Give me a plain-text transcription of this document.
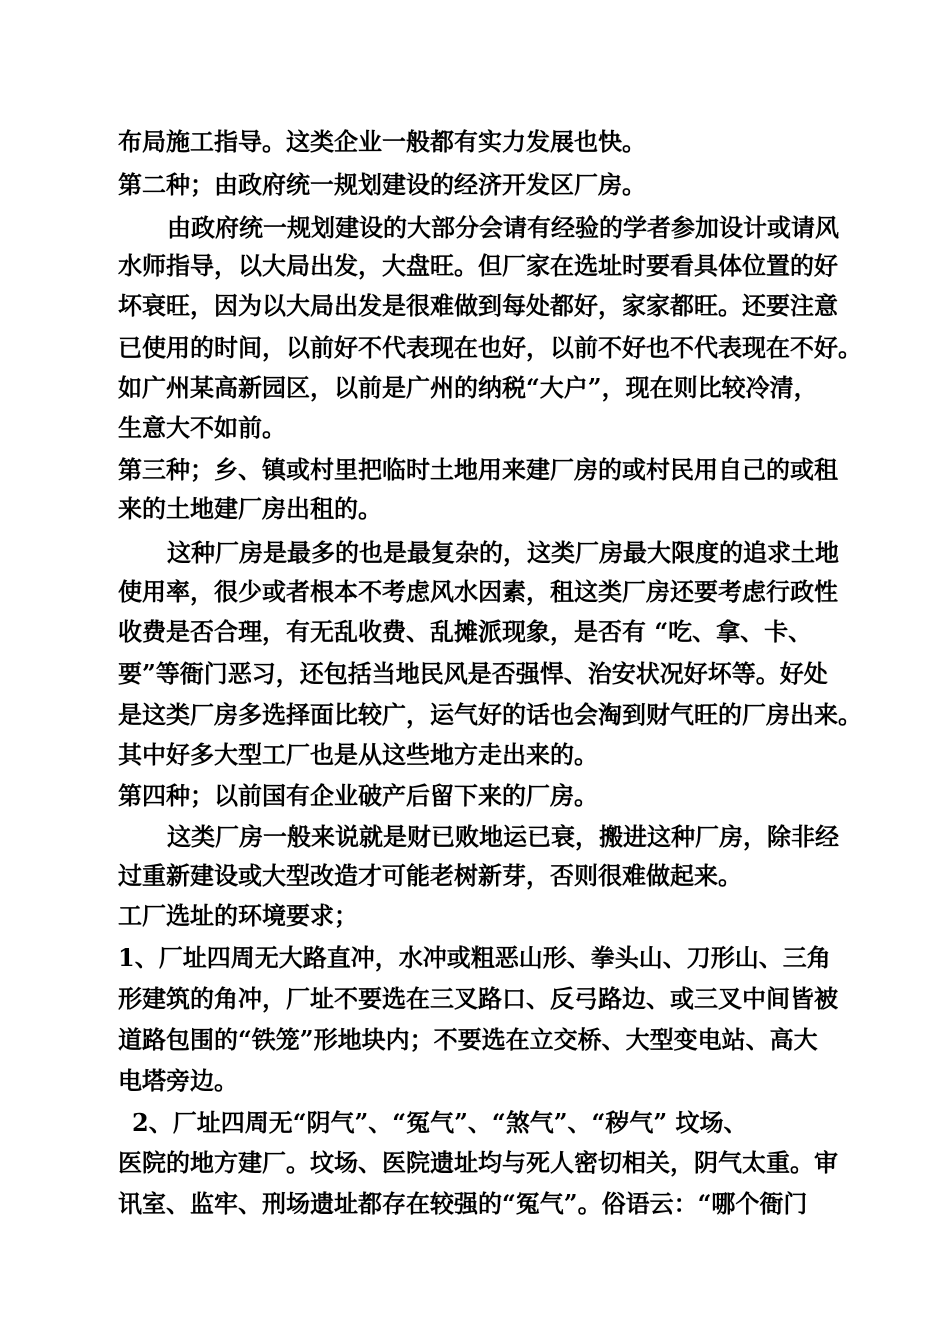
布局施工指导。这类企业一般都有实力发展也快。
第二种；由政府统一规划建设的经济开发区厂房。
由政府统一规划建设的大部分会请有经验的学者参加设计或请风
水师指导，以大局出发，大盘旺。但厂家在选址时要看具体位置的好
坏衰旺，因为以大局出发是很难做到每处都好，家家都旺。还要注意
已使用的时间，以前好不代表现在也好，以前不好也不代表现在不好。
如广州某高新园区，以前是广州的纳税“大户”，现在则比较冷清，
生意大不如前。
第三种；乡、镇或村里把临时土地用来建厂房的或村民用自己的或租
来的土地建厂房出租的。
这种厂房是最多的也是最复杂的，这类厂房最大限度的追求土地
使用率，很少或者根本不考虑风水因素，租这类厂房还要考虑行政性
收费是否合理，有无乱收费、乱摊派现象，是否有 “吃、拿、卡、
要”等衙门恶习，还包括当地民风是否强悍、治安状况好坏等。好处
是这类厂房多选择面比较广，运气好的话也会淘到财气旺的厂房出来。
其中好多大型工厂也是从这些地方走出来的。
第四种；以前国有企业破产后留下来的厂房。
这类厂房一般来说就是财已败地运已衰，搬进这种厂房，除非经
过重新建设或大型改造才可能老树新芽，否则很难做起来。
工厂选址的环境要求；
1、厂址四周无大路直冲，水冲或粗恶山形、拳头山、刀形山、三角
形建筑的角冲，厂址不要选在三叉路口、反弓路边、或三叉中间皆被
道路包围的“铁笼”形地块内；不要选在立交桥、大型变电站、高大
电塔旁边。
2、厂址四周无“阴气”、“冤气”、“煞气”、“秽气” 坟场、
医院的地方建厂。坟场、医院遗址均与死人密切相关，阴气太重。审
讯室、监牢、刑场遗址都存在较强的“冤气”。俗语云：“哪个衙门
